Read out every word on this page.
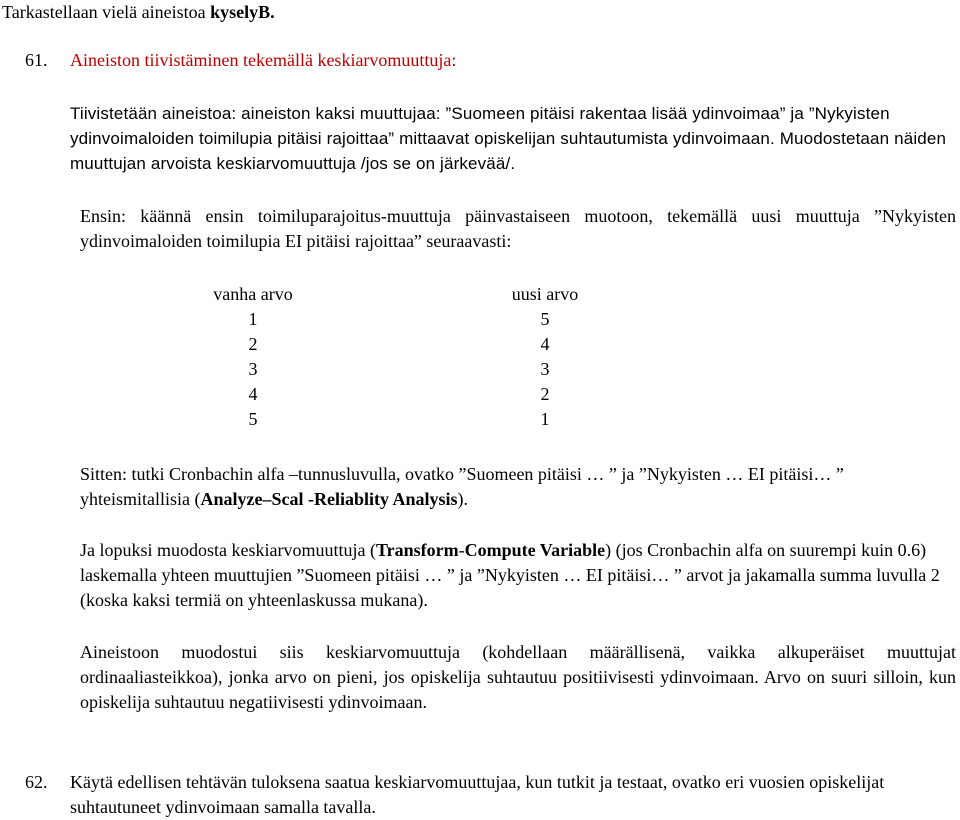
Tarkastellaan vielä aineistoa kyselyB.
61. Aineiston tiivistäminen tekemällä keskiarvomuuttuja:

Tiivistetään aineistoa: aineiston kaksi muuttujaa: ”Suomeen pitäisi rakentaa lisää ydinvoimaa” ja ”Nykyisten ydinvoimaloiden toimilupia pitäisi rajoittaa” mittaavat opiskelijan suhtautumista ydinvoimaan. Muodostetaan näiden muuttujan arvoista keskiarvomuuttuja /jos se on järkevää/.

Ensin: käännä ensin toimiluparajoitus-muuttuja päinvastaiseen muotoon, tekemällä uusi muuttuja ”Nykyisten ydinvoimaloiden toimilupia EI pitäisi rajoittaa” seuraavasti:

vanha arvo
1
2
3
4
5
uusi arvo
5
4
3
2
1

Sitten: tutki Cronbachin alfa –tunnusluvulla, ovatko ”Suomeen pitäisi … ” ja ”Nykyisten … EI pitäisi… ” yhteismitallisia (Analyze–Scal -Reliablity Analysis).

Ja lopuksi muodosta keskiarvomuuttuja (Transform-Compute Variable) (jos Cronbachin alfa on suurempi kuin 0.6) laskemalla yhteen muuttujien ”Suomeen pitäisi … ” ja ”Nykyisten … EI pitäisi… ” arvot ja jakamalla summa luvulla 2 (koska kaksi termiä on yhteenlaskussa mukana).

Aineistoon muodostui siis keskiarvomuuttuja (kohdellaan määrällisenä, vaikka alkuperäiset muuttujat ordinaaliasteikkoa), jonka arvo on pieni, jos opiskelija suhtautuu positiivisesti ydinvoimaan. Arvo on suuri silloin, kun opiskelija suhtautuu negatiivisesti ydinvoimaan.

62. Käytä edellisen tehtävän tuloksena saatua keskiarvomuuttujaa, kun tutkit ja testaat, ovatko eri vuosien opiskelijat suhtautuneet ydinvoimaan samalla tavalla.
